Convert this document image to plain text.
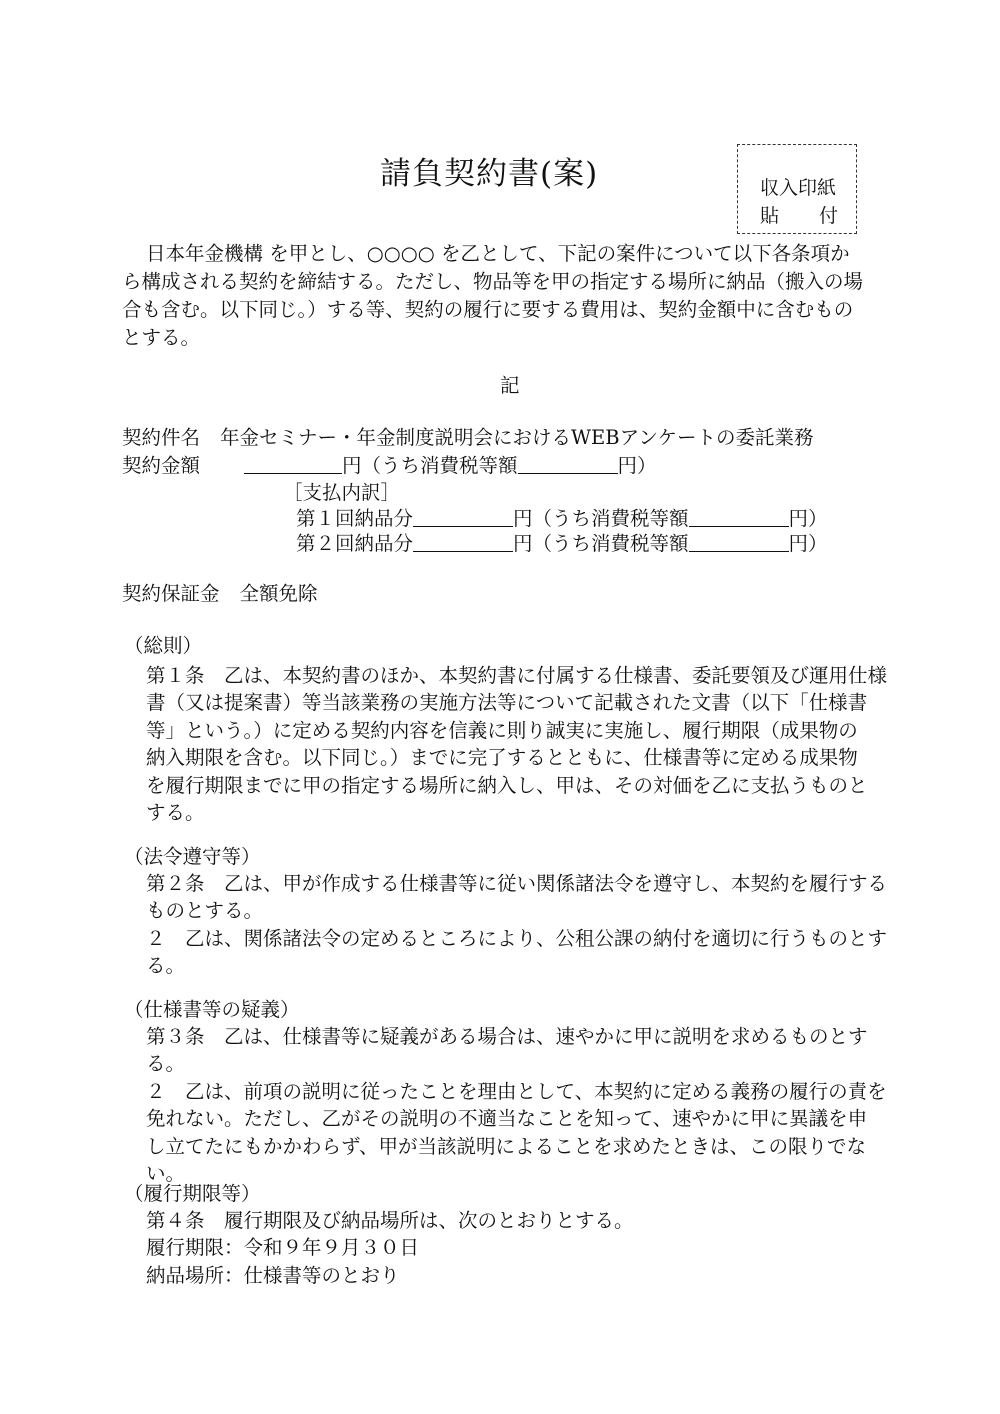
請負契約書(案)	収入印紙
貼 付
日本年金機構 を甲とし、○○○○ を乙として、下記の案件について以下各条項か
ら構成される契約を締結する。ただし、物品等を甲の指定する場所に納品（搬入の場
合も含む。以下同じ。）する等、契約の履行に要する費用は、契約金額中に含むもの
とする。
記
契約件名 年金セミナー・年金制度説明会におけるWEBアンケートの委託業務
契約金額	円（うち消費税等額	円）
［支払内訳］
第１回納品分	円（うち消費税等額	円）
第２回納品分	円（うち消費税等額	円）
契約保証金 全額免除
（総則）
第１条　乙は、本契約書のほか、本契約書に付属する仕様書、委託要領及び運用仕様
書（又は提案書）等当該業務の実施方法等について記載された文書（以下「仕様書
等」という。）に定める契約内容を信義に則り誠実に実施し、履行期限（成果物の
納入期限を含む。以下同じ。）までに完了するとともに、仕様書等に定める成果物
を履行期限までに甲の指定する場所に納入し、甲は、その対価を乙に支払うものと
する。
（法令遵守等）
第２条　乙は、甲が作成する仕様書等に従い関係諸法令を遵守し、本契約を履行する
ものとする。
２　乙は、関係諸法令の定めるところにより、公租公課の納付を適切に行うものとす
る。
（仕様書等の疑義）
第３条　乙は、仕様書等に疑義がある場合は、速やかに甲に説明を求めるものとする。
２　乙は、前項の説明に従ったことを理由として、本契約に定める義務の履行の責を
免れない。ただし、乙がその説明の不適当なことを知って、速やかに甲に異議を申
し立てたにもかかわらず、甲が当該説明によることを求めたときは、この限りでな
い。
（履行期限等）
第４条　履行期限及び納品場所は、次のとおりとする。
履行期限：令和９年９月３０日
納品場所：仕様書等のとおり
